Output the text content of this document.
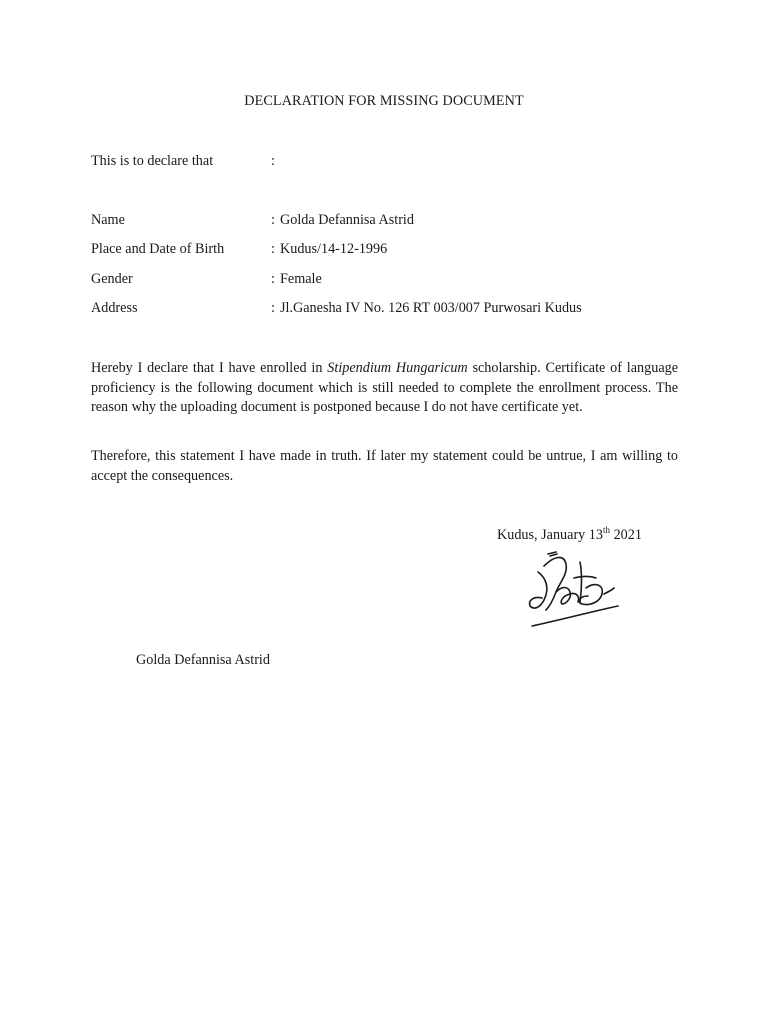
DECLARATION FOR MISSING DOCUMENT
This is to declare that	:
Name	: Golda Defannisa Astrid
Place and Date of Birth	: Kudus/14-12-1996
Gender	: Female
Address	: Jl.Ganesha IV No. 126 RT 003/007 Purwosari Kudus
Hereby I declare that I have enrolled in Stipendium Hungaricum scholarship. Certificate of language proficiency is the following document which is still needed to complete the enrollment process. The reason why the uploading document is postponed because I do not have certificate yet.
Therefore, this statement I have made in truth. If later my statement could be untrue, I am willing to accept the consequences.
Kudus, January 13th 2021
Golda Defannisa Astrid
